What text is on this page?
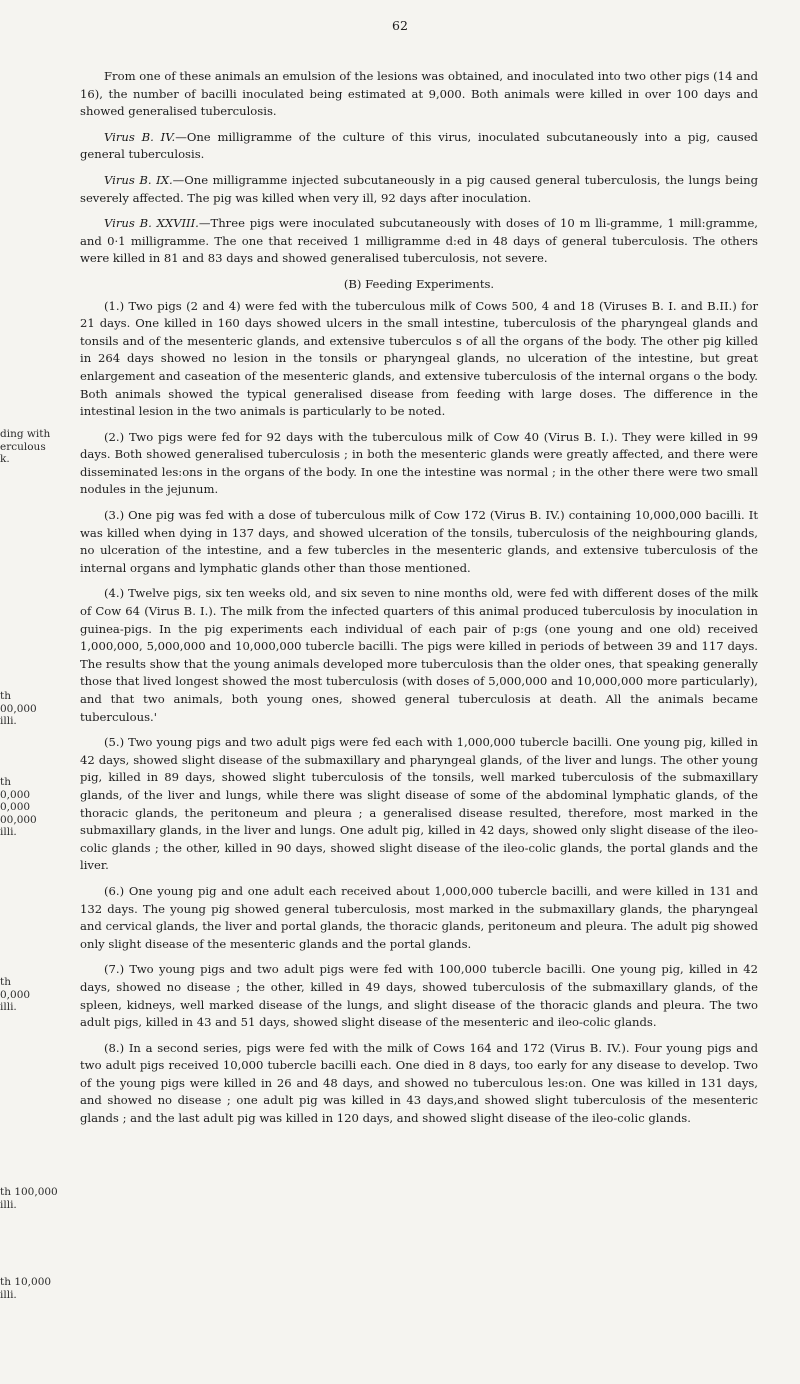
62

From one of these animals an emulsion of the lesions was obtained, and inoculated into two other pigs (14 and 16), the number of bacilli inoculated being estimated at 9,000. Both animals were killed in over 100 days and showed generalised tuberculosis.

Virus B. IV.—One milligramme of the culture of this virus, inoculated subcutaneously into a pig, caused general tuberculosis.

Virus B. IX.—One milligramme injected subcutaneously in a pig caused general tuberculosis, the lungs being severely affected. The pig was killed when very ill, 92 days after inoculation.

Virus B. XXVIII.—Three pigs were inoculated subcutaneously with doses of 10 m lli-gramme, 1 mill:gramme, and 0·1 milligramme. The one that received 1 milligramme d:ed in 48 days of general tuberculosis. The others were killed in 81 and 83 days and showed generalised tuberculosis, not severe.

(B) Feeding Experiments.

(1.) Two pigs (2 and 4) were fed with the tuberculous milk of Cows 500, 4 and 18 (Viruses B. I. and B.II.) for 21 days. One killed in 160 days showed ulcers in the small intestine, tuberculosis of the pharyngeal glands and tonsils and of the mesenteric glands, and extensive tuberculos s of all the organs of the body. The other pig killed in 264 days showed no lesion in the tonsils or pharyngeal glands, no ulceration of the intestine, but great enlargement and caseation of the mesenteric glands, and extensive tuberculosis of the internal organs o the body. Both animals showed the typical generalised disease from feeding with large doses. The difference in the intestinal lesion in the two animals is particularly to be noted.

(2.) Two pigs were fed for 92 days with the tuberculous milk of Cow 40 (Virus B. I.). They were killed in 99 days. Both showed generalised tuberculosis ; in both the mesenteric glands were greatly affected, and there were disseminated les:ons in the organs of the body. In one the intestine was normal ; in the other there were two small nodules in the jejunum.

(3.) One pig was fed with a dose of tuberculous milk of Cow 172 (Virus B. IV.) containing 10,000,000 bacilli. It was killed when dying in 137 days, and showed ulceration of the tonsils, tuberculosis of the neighbouring glands, no ulceration of the intestine, and a few tubercles in the mesenteric glands, and extensive tuberculosis of the internal organs and lymphatic glands other than those mentioned.

(4.) Twelve pigs, six ten weeks old, and six seven to nine months old, were fed with different doses of the milk of Cow 64 (Virus B. I.). The milk from the infected quarters of this animal produced tuberculosis by inoculation in guinea-pigs. In the pig experiments each individual of each pair of p:gs (one young and one old) received 1,000,000, 5,000,000 and 10,000,000 tubercle bacilli. The pigs were killed in periods of between 39 and 117 days. The results show that the young animals developed more tuberculosis than the older ones, that speaking generally those that lived longest showed the most tuberculosis (with doses of 5,000,000 and 10,000,000 more particularly), and that two animals, both young ones, showed general tuberculosis at death. All the animals became tuberculous.'

(5.) Two young pigs and two adult pigs were fed each with 1,000,000 tubercle bacilli. One young pig, killed in 42 days, showed slight disease of the submaxillary and pharyngeal glands, of the liver and lungs. The other young pig, killed in 89 days, showed slight tuberculosis of the tonsils, well marked tuberculosis of the submaxillary glands, of the liver and lungs, while there was slight disease of some of the abdominal lymphatic glands, of the thoracic glands, the peritoneum and pleura ; a generalised disease resulted, therefore, most marked in the submaxillary glands, in the liver and lungs. One adult pig, killed in 42 days, showed only slight disease of the ileo-colic glands ; the other, killed in 90 days, showed slight disease of the ileo-colic glands, the portal glands and the liver.

(6.) One young pig and one adult each received about 1,000,000 tubercle bacilli, and were killed in 131 and 132 days. The young pig showed general tuberculosis, most marked in the submaxillary glands, the pharyngeal and cervical glands, the liver and portal glands, the thoracic glands, peritoneum and pleura. The adult pig showed only slight disease of the mesenteric glands and the portal glands.

(7.) Two young pigs and two adult pigs were fed with 100,000 tubercle bacilli. One young pig, killed in 42 days, showed no disease ; the other, killed in 49 days, showed tuberculosis of the submaxillary glands, of the spleen, kidneys, well marked disease of the lungs, and slight disease of the thoracic glands and pleura. The two adult pigs, killed in 43 and 51 days, showed slight disease of the mesenteric and ileo-colic glands.

(8.) In a second series, pigs were fed with the milk of Cows 164 and 172 (Virus B. IV.). Four young pigs and two adult pigs received 10,000 tubercle bacilli each. One died in 8 days, too early for any disease to develop. Two of the young pigs were killed in 26 and 48 days, and showed no tuberculous les:on. One was killed in 131 days, and showed no disease ; one adult pig was killed in 43 days,and showed slight tuberculosis of the mesenteric glands ; and the last adult pig was killed in 120 days, and showed slight disease of the ileo-colic glands.

ding with
erculous
k.
th
00,000
illi.
th
0,000
0,000
00,000
illi.
th
0,000
illi.
th 100,000
illi.
th 10,000
illi.
